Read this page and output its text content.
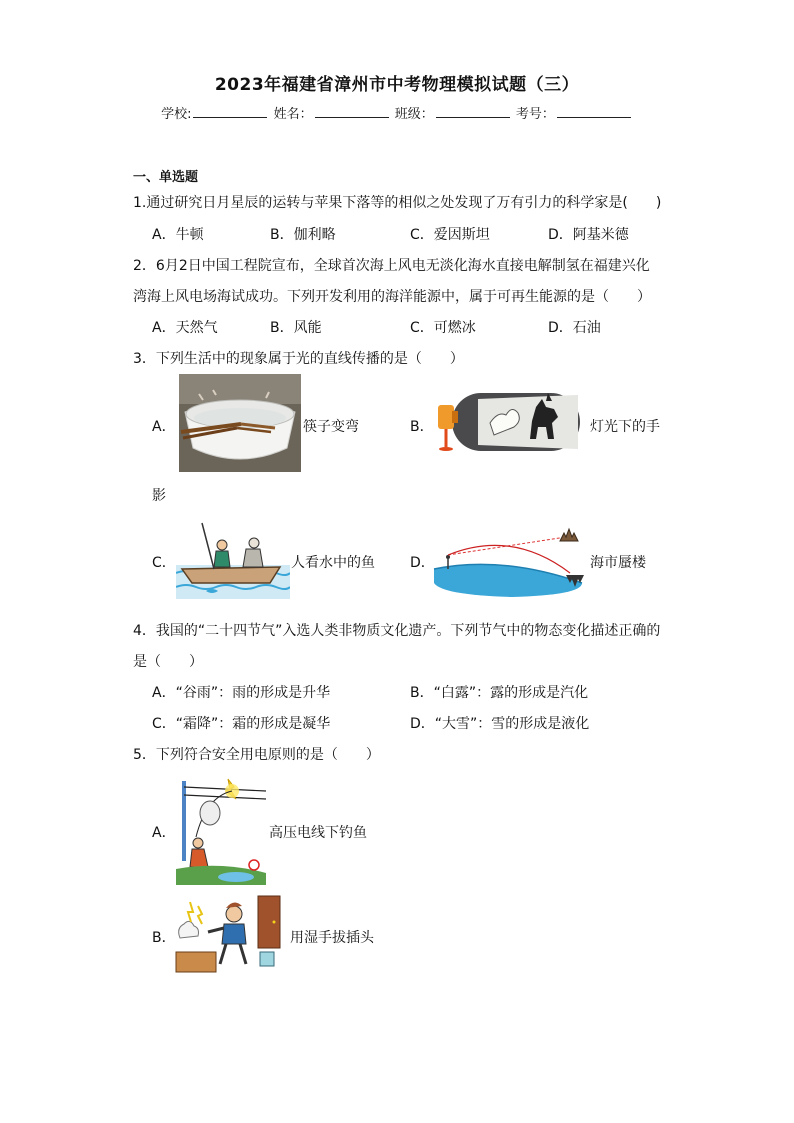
2023年福建省漳州市中考物理模拟试题（三）
学校:	姓名：	班级：	考号：
一、单选题
1.通过研究日月星辰的运转与苹果下落等的相似之处发现了万有引力的科学家是(　　)
A．牛顿	B．伽利略	C．爱因斯坦	D．阿基米德
2．6月2日中国工程院宣布，全球首次海上风电无淡化海水直接电解制氢在福建兴化
湾海上风电场海试成功。下列开发利用的海洋能源中，属于可再生能源的是（　　）
A．天然气	B．风能	C．可燃冰	D．石油
3．下列生活中的现象属于光的直线传播的是（　　）
A．	筷子变弯	B．	灯光下的手
影
C．	人看水中的鱼	D．	海市蜃楼
4．我国的“二十四节气”入选人类非物质文化遗产。下列节气中的物态变化描述正确的
是（　　）
A．“谷雨”：雨的形成是升华	B．“白露”：露的形成是汽化
C．“霜降”：霜的形成是凝华	D．“大雪”：雪的形成是液化
5．下列符合安全用电原则的是（　　）
A．	高压电线下钓鱼
B．	用湿手拔插头
